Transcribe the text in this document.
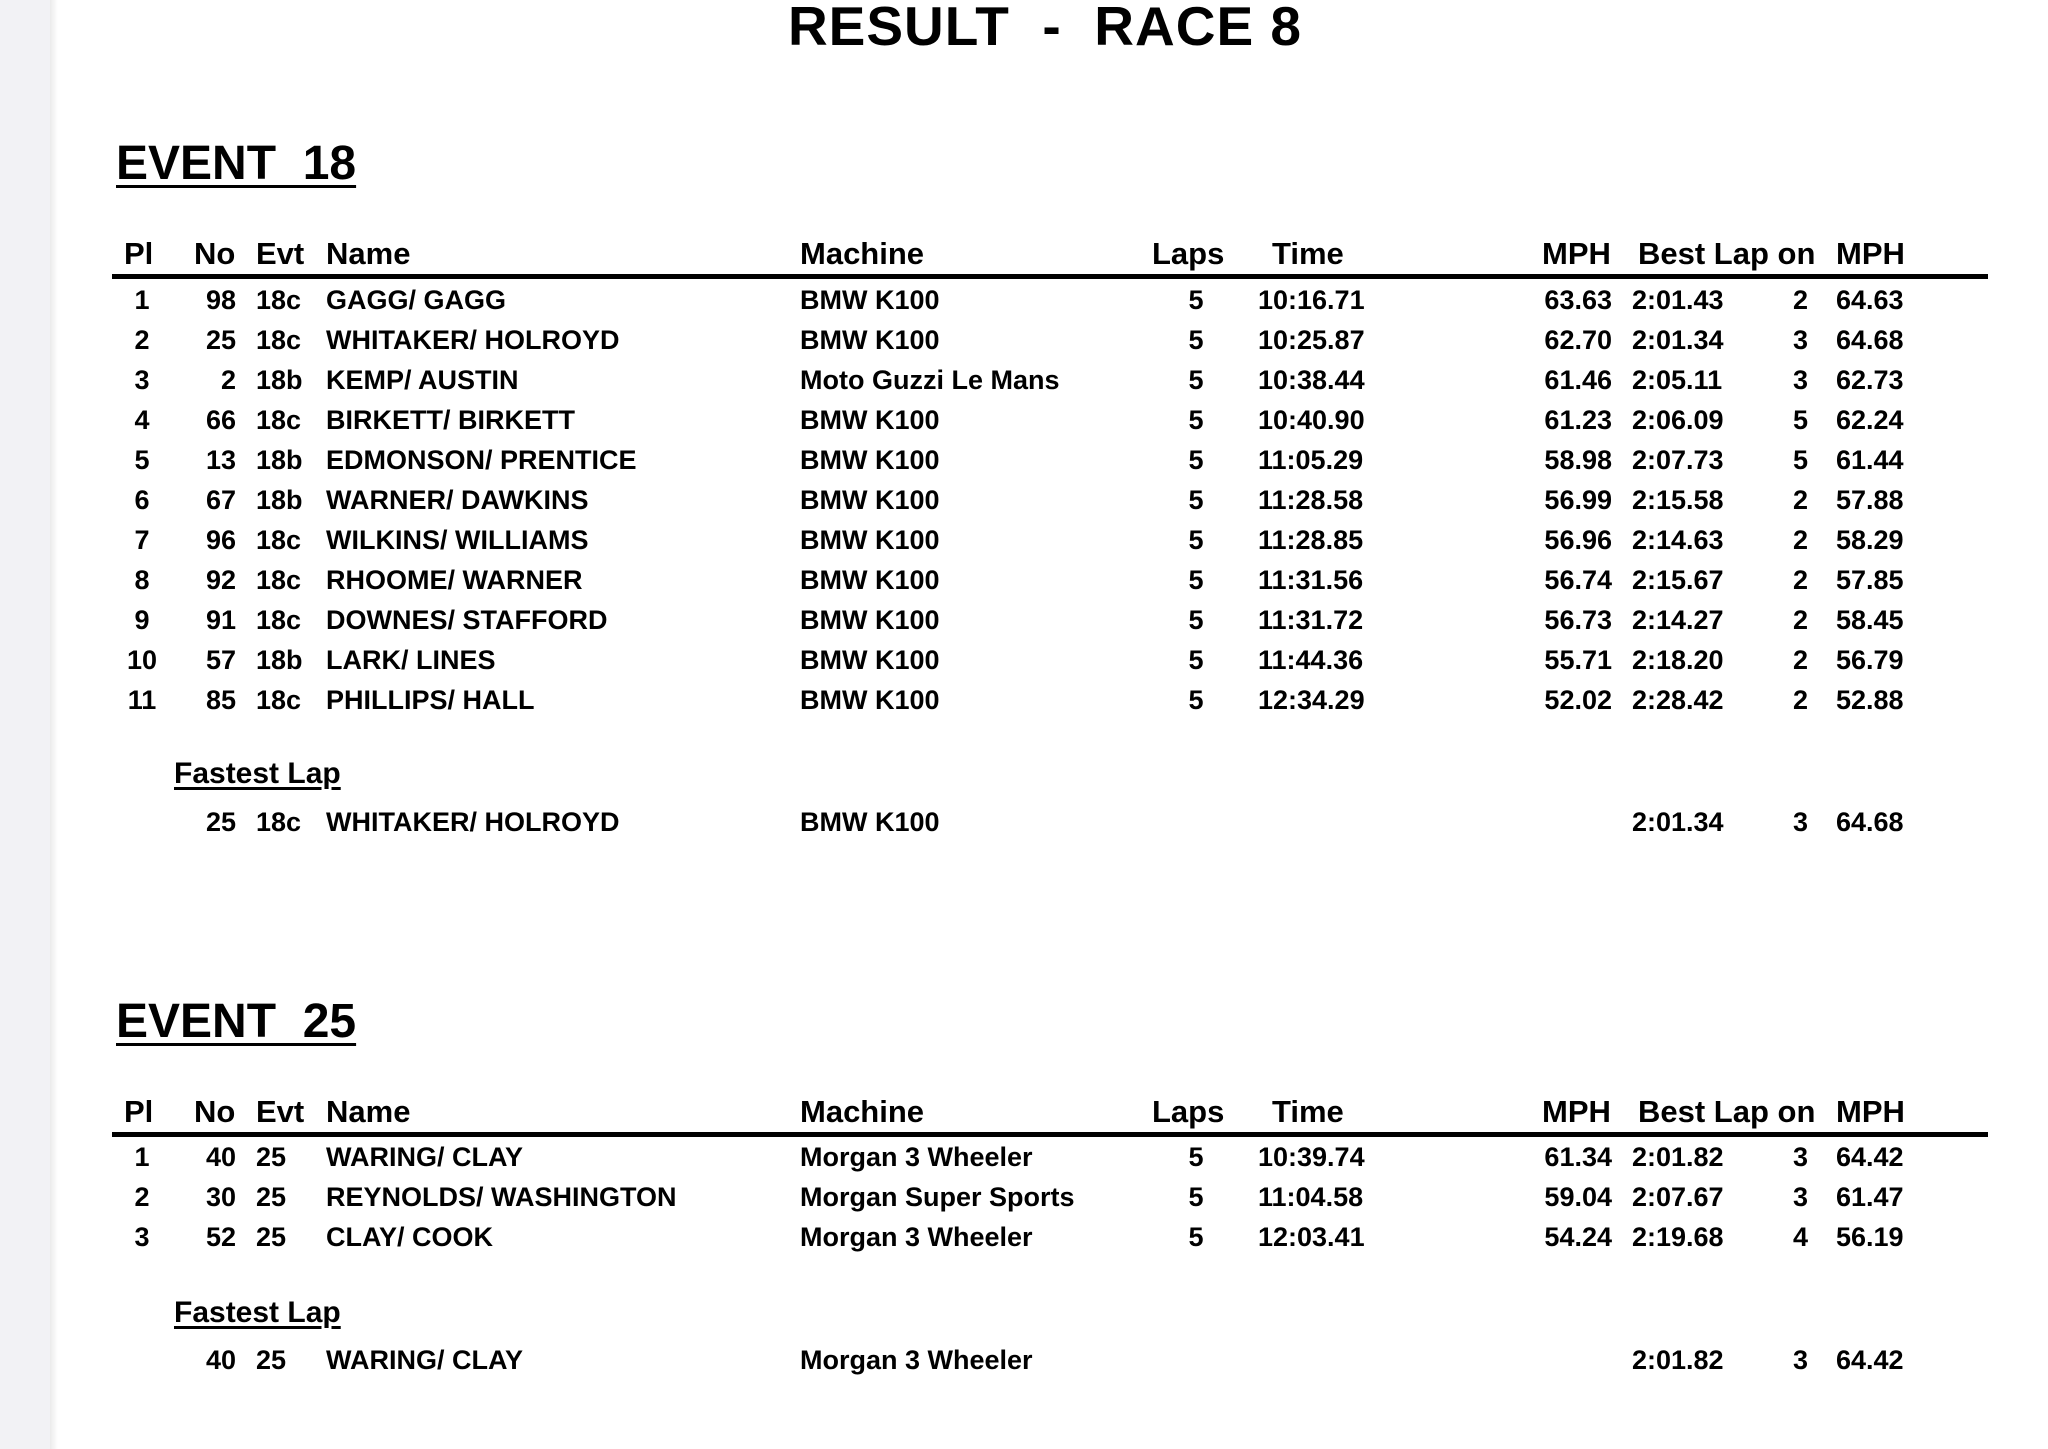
RESULT  -  RACE 8
EVENT  18
Pl No Evt Name	Machine	Laps Time	MPH Best Lap on MPH
1	98 18c GAGG/ GAGG	BMW K100	5	10:16.71	63.63 2:01.43	2 64.63
2	25 18c WHITAKER/ HOLROYD	BMW K100	5	10:25.87	62.70 2:01.34	3 64.68
3	2 18b KEMP/ AUSTIN	Moto Guzzi Le Mans	5	10:38.44	61.46 2:05.11	3 62.73
4	66 18c BIRKETT/ BIRKETT	BMW K100	5	10:40.90	61.23 2:06.09	5 62.24
5	13 18b EDMONSON/ PRENTICE	BMW K100	5	11:05.29	58.98 2:07.73	5 61.44
6	67 18b WARNER/ DAWKINS	BMW K100	5	11:28.58	56.99 2:15.58	2 57.88
7	96 18c WILKINS/ WILLIAMS	BMW K100	5	11:28.85	56.96 2:14.63	2 58.29
8	92 18c RHOOME/ WARNER	BMW K100	5	11:31.56	56.74 2:15.67	2 57.85
9	91 18c DOWNES/ STAFFORD	BMW K100	5	11:31.72	56.73 2:14.27	2 58.45
10 57 18b LARK/ LINES	BMW K100	5	11:44.36	55.71 2:18.20	2 56.79
11 85 18c PHILLIPS/ HALL	BMW K100	5	12:34.29	52.02 2:28.42	2 52.88
Fastest Lap
25 18c WHITAKER/ HOLROYD	BMW K100	2:01.34	3 64.68
EVENT  25
Pl No Evt Name	Machine	Laps Time	MPH Best Lap on MPH
1	40 25 WARING/ CLAY	Morgan 3 Wheeler	5	10:39.74	61.34 2:01.82	3 64.42
2	30 25 REYNOLDS/ WASHINGTON	Morgan Super Sports	5	11:04.58	59.04 2:07.67	3 61.47
3	52 25 CLAY/ COOK	Morgan 3 Wheeler	5	12:03.41	54.24 2:19.68	4 56.19
Fastest Lap
40 25 WARING/ CLAY	Morgan 3 Wheeler	2:01.82	3 64.42
